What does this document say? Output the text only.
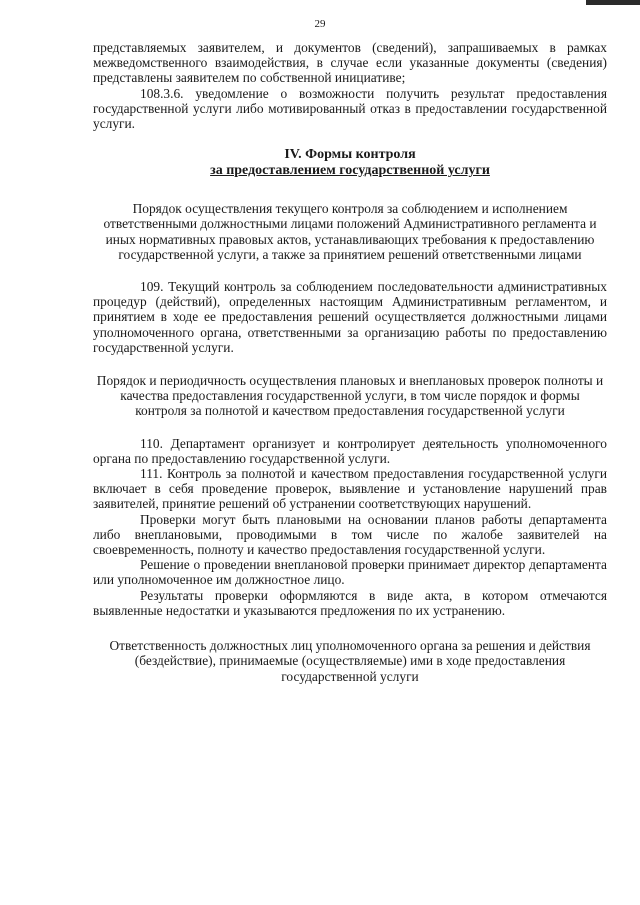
29

представляемых заявителем, и документов (сведений), запрашиваемых в рамках межведомственного взаимодействия, в случае если указанные документы (сведения) представлены заявителем по собственной инициативе;

108.3.6. уведомление о возможности получить результат предоставления государственной услуги либо мотивированный отказ в предоставлении государственной услуги.

IV. Формы контроля
за предоставлением государственной услуги
Порядок осуществления текущего контроля за соблюдением и исполнением ответственными должностными лицами положений Административного регламента и иных нормативных правовых актов, устанавливающих требования к предоставлению государственной услуги, а также за принятием решений ответственными лицами

109. Текущий контроль за соблюдением последовательности административных процедур (действий), определенных настоящим Административным регламентом, и принятием в ходе ее предоставления решений осуществляется должностными лицами уполномоченного органа, ответственными за организацию работы по предоставлению государственной услуги.

Порядок и периодичность осуществления плановых и внеплановых проверок полноты и качества предоставления государственной услуги, в том числе порядок и формы контроля за полнотой и качеством предоставления государственной услуги

110. Департамент организует и контролирует деятельность уполномоченного органа по предоставлению государственной услуги.

111. Контроль за полнотой и качеством предоставления государственной услуги включает в себя проведение проверок, выявление и установление нарушений прав заявителей, принятие решений об устранении соответствующих нарушений.

Проверки могут быть плановыми на основании планов работы департамента либо внеплановыми, проводимыми в том числе по жалобе заявителей на своевременность, полноту и качество предоставления государственной услуги.

Решение о проведении внеплановой проверки принимает директор департамента или уполномоченное им должностное лицо.

Результаты проверки оформляются в виде акта, в котором отмечаются выявленные недостатки и указываются предложения по их устранению.

Ответственность должностных лиц уполномоченного органа за решения и действия (бездействие), принимаемые (осуществляемые) ими в ходе предоставления государственной услуги
